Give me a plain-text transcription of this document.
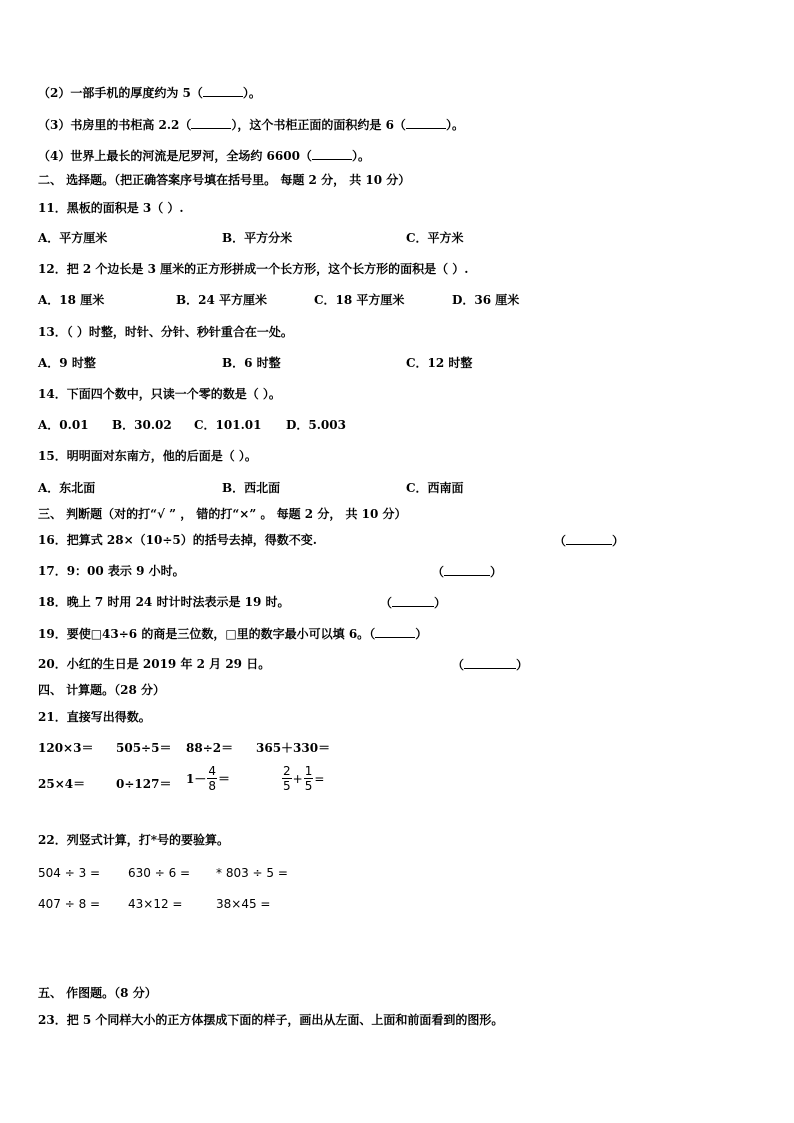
（2）一部手机的厚度约为 5（	）。
（3）书房里的书柜高 2.2（	），这个书柜正面的面积约是 6（	）。
（4）世界上最长的河流是尼罗河，全场约 6600（	）。
二、 选择题。（把正确答案序号填在括号里。 每题 2 分， 共 10 分）
11．黑板的面积是 3（ ）.
A．平方厘米	B．平方分米	C．平方米
12．把 2 个边长是 3 厘米的正方形拼成一个长方形，这个长方形的面积是（ ）.
A．18 厘米	B．24 平方厘米	C．18 平方厘米	D．36 厘米
13．（ ）时整，时针、分针、秒针重合在一处。
A．9 时整	B．6 时整	C．12 时整
14．下面四个数中，只读一个零的数是（ ）。
A．0.01 B．30.02 C．101.01 D．5.003
15．明明面对东南方，他的后面是（ ）。
A．东北面	B．西北面	C．西南面
三、 判断题（对的打“√ ” ， 错的打“×” 。 每题 2 分， 共 10 分）
16．把算式 28×（10÷5）的括号去掉，得数不变.	（	）
17．9：00 表示 9 小时。	（	）
18．晚上 7 时用 24 时计时法表示是 19 时。	（	）
19．要使□43÷6 的商是三位数，□里的数字最小可以填 6。（	）
20．小红的生日是 2019 年 2 月 29 日。	（	）
四、 计算题。（28 分）
21．直接写出得数。
120×3＝ 505÷5＝ 88÷2＝ 365＋330＝
25×4＝	$0\div 127= 1- \frac{4}{8}$ ＝	$\frac{2}{5} + \frac{1}{5}$ =
22．列竖式计算，打*号的要验算。
504 ÷ 3 = 630 ÷ 6 = * 803 ÷ 5 =
407 ÷ 8 = 43×12 =	38×45 =
五、 作图题。（8 分）
23．把 5 个同样大小的正方体摆成下面的样子，画出从左面、上面和前面看到的图形。
